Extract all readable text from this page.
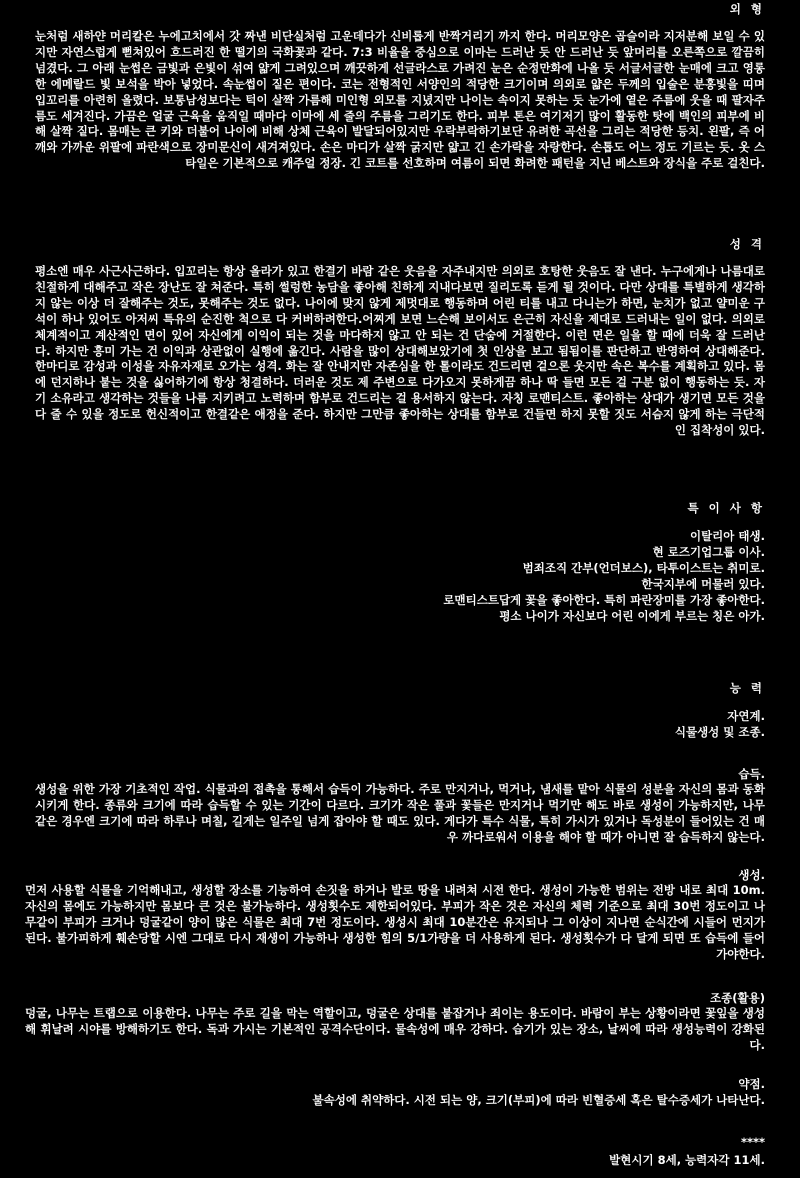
외 형

눈처럼 새하얀 머리칼은 누에고치에서 갓 짜낸 비단실처럼 고운데다가 신비롭게 반짝거리기 까지 한다. 머리모양은 곱슬이라 지저분해 보일 수 있지만 자연스럽게 뻗쳐있어 흐드러진 한 떨기의 국화꽃과 같다. 7:3 비율을 중심으로 이마는 드러난 듯 안 드러난 듯 앞머리를 오른쪽으로 깔끔히 넘겼다. 그 아래 눈썹은 금빛과 은빛이 섞여 얇게 그려있으며 깨끗하게 선글라스로 가려진 눈은 순정만화에 나올 듯 서글서글한 눈매에 크고 영롱한 에메랄드 빛 보석을 박아 넣었다. 속눈썹이 짙은 편이다. 코는 전형적인 서양인의 적당한 크기이며 의외로 얇은 두께의 입술은 분홍빛을 띠며 입꼬리를 아련히 올렸다. 보통남성보다는 턱이 살짝 가름해 미인형 외모를 지녔지만 나이는 속이지 못하는 듯 눈가에 옅은 주름에 웃을 때 팔자주름도 세겨진다. 가끔은 얼굴 근육을 움직일 때마다 이마에 세 줄의 주름을 그리기도 한다. 피부 톤은 여기저기 많이 활동한 탓에 백인의 피부에 비해 살짝 짙다. 몸매는 큰 키와 더불어 나이에 비해 상체 근육이 발달되어있지만 우락부락하기보단 유려한 곡선을 그리는 적당한 등치. 왼팔, 즉 어깨와 가까운 위팔에 파란색으로 장미문신이 새겨져있다. 손은 마디가 살짝 굵지만 얇고 긴 손가락을 자랑한다. 손톱도 어느 정도 기르는 듯. 옷 스타일은 기본적으로 캐주얼 정장. 긴 코트를 선호하며 여름이 되면 화려한 패턴을 지닌 베스트와 장식을 주로 걸친다.

성 격

평소엔 매우 사근사근하다. 입꼬리는 항상 올라가 있고 한결기 바람 같은 웃음을 자주내지만 의외로 호탕한 웃음도 잘 낸다. 누구에게나 나름대로 친절하게 대해주고 작은 장난도 잘 쳐준다. 특히 썰렁한 농담을 좋아해 친하게 지내다보면 질리도록 듣게 될 것이다. 다만 상대를 특별하게 생각하지 않는 이상 더 잘해주는 것도, 못해주는 것도 없다. 나이에 맞지 않게 제멋대로 행동하며 어린 티를 내고 다니는가 하면, 눈치가 없고 얄미운 구석이 하나 있어도 아저씨 특유의 순진한 척으로 다 커버하려한다.어찌게 보면 느슨해 보이서도 은근히 자신을 제대로 드러내는 일이 없다. 의외로 체계적이고 계산적인 면이 있어 자신에게 이익이 되는 것을 마다하지 않고 안 되는 건 단숨에 거절한다. 이런 면은 일을 할 때에 더욱 잘 드러난다. 하지만 흥미 가는 건 이익과 상관없이 실행에 옮긴다. 사람을 많이 상대해보았기에 첫 인상을 보고 됨됨이를 판단하고 반영하여 상대해준다. 한마디로 감성과 이성을 자유자재로 오가는 성격. 화는 잘 안내지만 자존심을 한 톨이라도 건드리면 겉으론 웃지만 속은 복수를 계획하고 있다. 몸에 던지하나 붙는 것을 싫어하기에 항상 청결하다. 더러운 것도 제 주변으로 다가오지 못하게끔 하나 딱 들면 모든 걸 구분 없이 행동하는 듯. 자기 소유라고 생각하는 것들을 나름 지키려고 노력하며 함부로 건드리는 걸 용서하지 않는다. 자칭 로맨티스트. 좋아하는 상대가 생기면 모든 것을 다 줄 수 있을 정도로 헌신적이고 한결같은 애정을 준다. 하지만 그만큼 좋아하는 상대를 함부로 건들면 하지 못할 짓도 서슴지 않게 하는 극단적인 집착성이 있다.

특 이 사 항
이탈리아 태생.
현 로즈기업그룹 이사.
범죄조직 간부(언더보스), 타투이스트는 취미로.
한국지부에 머물러 있다.
로맨티스트답게 꽃을 좋아한다. 특히 파란장미를 가장 좋아한다.
평소 나이가 자신보다 어린 이에게 부르는 칭은 아가.
능 력
자연계.
식물생성 및 조종.

습득.

생성을 위한 가장 기초적인 작업. 식물과의 접촉을 통해서 습득이 가능하다. 주로 만지거나, 먹거나, 냄새를 맡아 식물의 성분을 자신의 몸과 동화시키게 한다. 종류와 크기에 따라 습득할 수 있는 기간이 다르다. 크기가 작은 풀과 꽃들은 만지거나 먹기만 해도 바로 생성이 가능하지만, 나무 같은 경우엔 크기에 따라 하루나 며칠, 길게는 일주일 넘게 잡아야 할 때도 있다. 게다가 특수 식물, 특히 가시가 있거나 독성분이 들어있는 건 매우 까다로워서 이용을 해야 할 때가 아니면 잘 습득하지 않는다.

생성.

먼저 사용할 식물을 기억해내고, 생성할 장소를 기능하여 손짓을 하거나 발로 땅을 내려쳐 시전 한다. 생성이 가능한 범위는 전방 내로 최대 10m. 자신의 몸에도 가능하지만 몸보다 큰 것은 불가능하다. 생성횟수도 제한되어있다. 부피가 작은 것은 자신의 체력 기준으로 최대 30번 정도이고 나무같이 부피가 크거나 덩굴같이 양이 많은 식물은 최대 7번 정도이다. 생성시 최대 10분간은 유지되나 그 이상이 지나면 순식간에 시들어 먼지가 된다. 불가피하게 훼손당할 시엔 그대로 다시 재생이 가능하나 생성한 힘의 5/1가량을 더 사용하게 된다. 생성횟수가 다 달게 되면 또 습득에 들어가야한다.

조종(활용)

덩굴, 나무는 트랩으로 이용한다. 나무는 주로 길을 막는 역할이고, 덩굴은 상대를 붙잡거나 죄이는 용도이다. 바람이 부는 상황이라면 꽃잎을 생성해 휘날려 시야를 방해하기도 한다. 독과 가시는 기본적인 공격수단이다. 물속성에 매우 강하다. 습기가 있는 장소, 날씨에 따라 생성능력이 강화된다.

약점.

불속성에 취약하다. 시전 되는 양, 크기(부피)에 따라 빈혈증세 혹은 탈수증세가 나타난다.

****

발현시기 8세, 능력자각 11세.
